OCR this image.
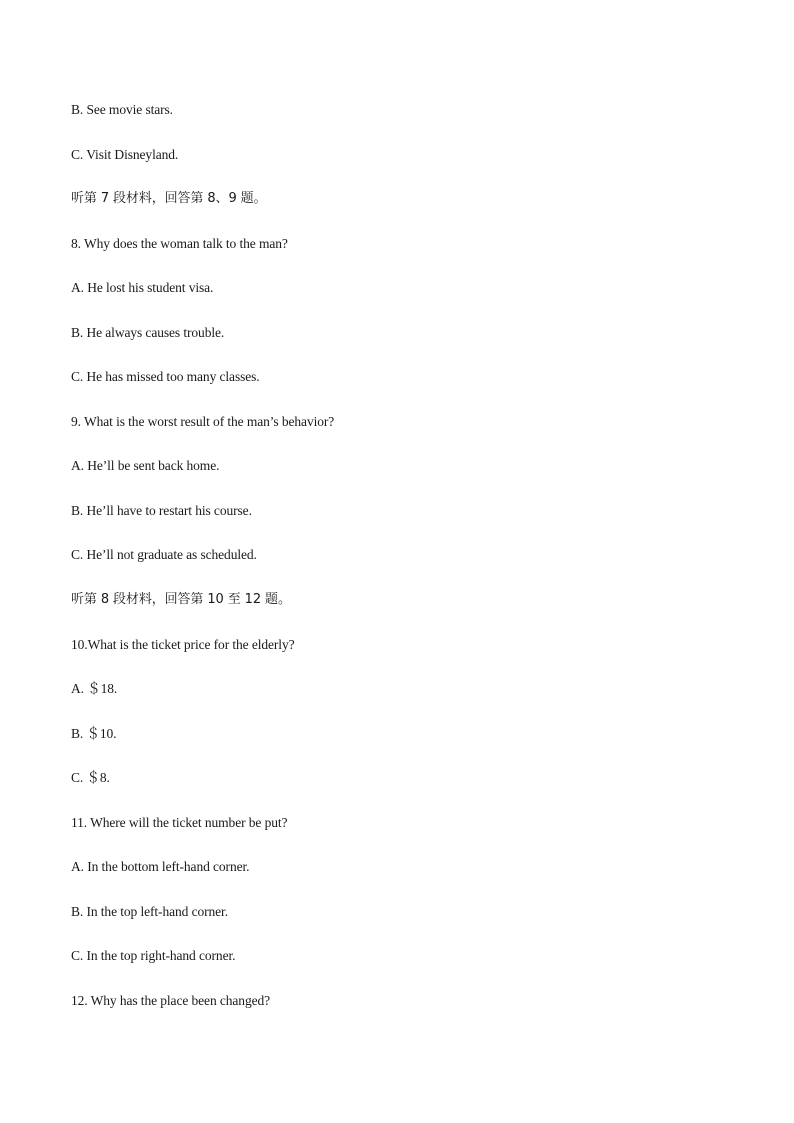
B. See movie stars.
C. Visit Disneyland.
听第 7 段材料，回答第 8、9 题。
8. Why does the woman talk to the man?
A. He lost his student visa.
B. He always causes trouble.
C. He has missed too many classes.
9. What is the worst result of the man’s behavior?
A. He’ll be sent back home.
B. He’ll have to restart his course.
C. He’ll not graduate as scheduled.
听第 8 段材料，回答第 10 至 12 题。
10.What is the ticket price for the elderly?
A. ＄18.
B. ＄10.
C. ＄8.
11. Where will the ticket number be put?
A. In the bottom left-hand corner.
B. In the top left-hand corner.
C. In the top right-hand corner.
12. Why has the place been changed?
